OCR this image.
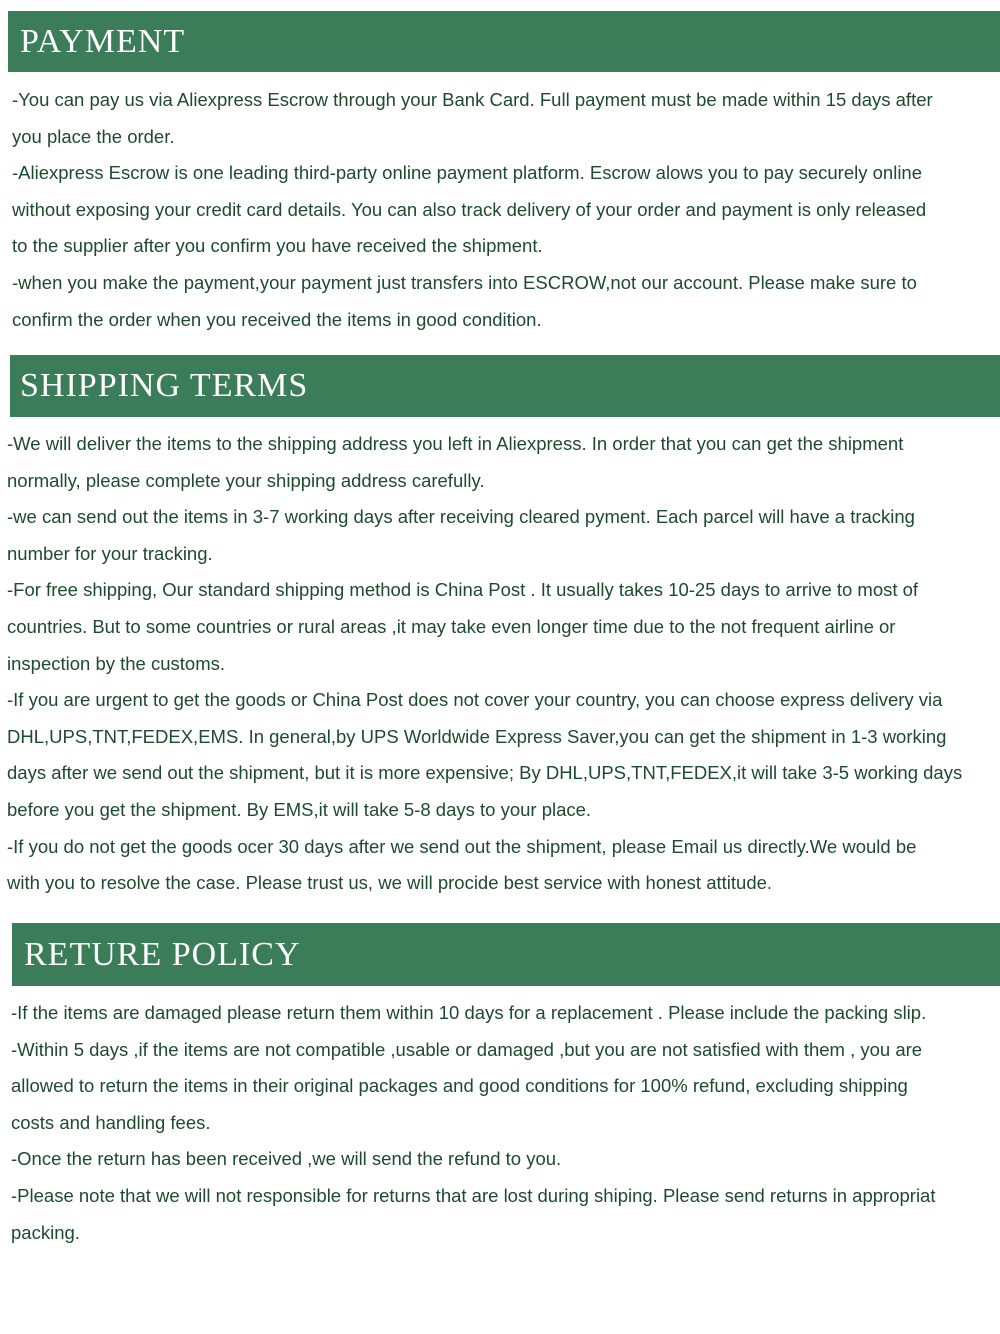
PAYMENT
-You can pay us via Aliexpress Escrow through your Bank Card. Full payment must be made within 15 days after
you place the order.
-Aliexpress Escrow is one leading third-party online payment platform. Escrow alows you to pay securely online
without exposing your credit card details. You can also track delivery of your order and payment is only released
to the supplier after you confirm you have received the shipment.
-when you make the payment,your payment just transfers into ESCROW,not our account. Please make sure to
confirm the order when you received the items in good condition.
SHIPPING TERMS
-We will deliver the items to the shipping address you left in Aliexpress. In order that you can get the shipment
normally, please complete your shipping address carefully.
-we can send out the items in 3-7 working days after receiving cleared pyment. Each parcel will have a tracking
number for your tracking.
-For free shipping, Our standard shipping method is China Post . It usually takes 10-25 days to arrive to most of
countries. But to some countries or rural areas ,it may take even longer time due to the not frequent airline or
inspection by the customs.
-If you are urgent to get the goods or China Post does not cover your country, you can choose express delivery via
DHL,UPS,TNT,FEDEX,EMS. In general,by UPS Worldwide Express Saver,you can get the shipment in 1-3 working
days after we send out the shipment, but it is more expensive; By DHL,UPS,TNT,FEDEX,it will take 3-5 working days
before you get the shipment. By EMS,it will take 5-8 days to your place.
-If you do not get the goods ocer 30 days after we send out the shipment, please Email us directly.We would be
with you to resolve the case. Please trust us, we will procide best service with honest attitude.
RETURE POLICY
-If the items are damaged please return them within 10 days for a replacement . Please include the packing slip.
-Within 5 days ,if the items are not compatible ,usable or damaged ,but you are not satisfied with them , you are
allowed to return the items in their original packages and good conditions for 100% refund, excluding shipping
costs and handling fees.
-Once the return has been received ,we will send the refund to you.
-Please note that we will not responsible for returns that are lost during shiping. Please send returns in appropriat
packing.
